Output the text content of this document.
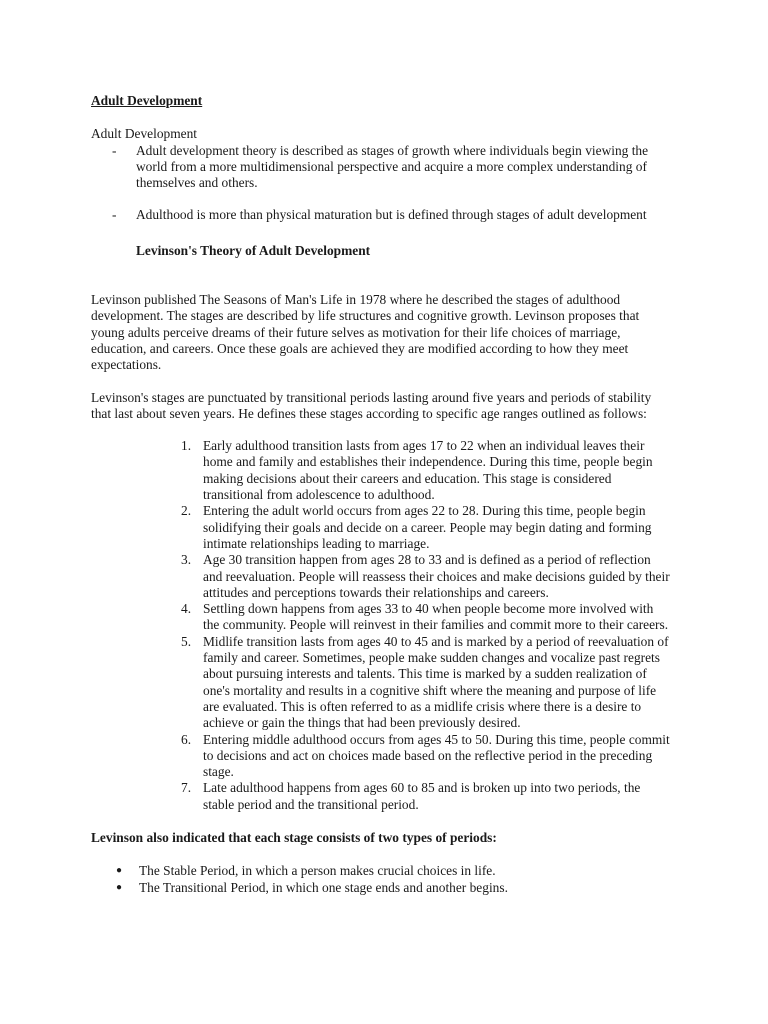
Adult Development

Adult Development

- Adult development theory is described as stages of growth where individuals begin viewing the world from a more multidimensional perspective and acquire a more complex understanding of themselves and others.
- Adulthood is more than physical maturation but is defined through stages of adult development

Levinson's Theory of Adult Development

Levinson published The Seasons of Man's Life in 1978 where he described the stages of adulthood development. The stages are described by life structures and cognitive growth. Levinson proposes that young adults perceive dreams of their future selves as motivation for their life choices of marriage, education, and careers. Once these goals are achieved they are modified according to how they meet expectations.

Levinson's stages are punctuated by transitional periods lasting around five years and periods of stability that last about seven years. He defines these stages according to specific age ranges outlined as follows:

1. Early adulthood transition lasts from ages 17 to 22 when an individual leaves their home and family and establishes their independence. During this time, people begin making decisions about their careers and education. This stage is considered transitional from adolescence to adulthood.
2. Entering the adult world occurs from ages 22 to 28. During this time, people begin solidifying their goals and decide on a career. People may begin dating and forming intimate relationships leading to marriage.
3. Age 30 transition happen from ages 28 to 33 and is defined as a period of reflection and reevaluation. People will reassess their choices and make decisions guided by their attitudes and perceptions towards their relationships and careers.
4. Settling down happens from ages 33 to 40 when people become more involved with the community. People will reinvest in their families and commit more to their careers.
5. Midlife transition lasts from ages 40 to 45 and is marked by a period of reevaluation of family and career. Sometimes, people make sudden changes and vocalize past regrets about pursuing interests and talents. This time is marked by a sudden realization of one's mortality and results in a cognitive shift where the meaning and purpose of life are evaluated. This is often referred to as a midlife crisis where there is a desire to achieve or gain the things that had been previously desired.
6. Entering middle adulthood occurs from ages 45 to 50. During this time, people commit to decisions and act on choices made based on the reflective period in the preceding stage.
7. Late adulthood happens from ages 60 to 85 and is broken up into two periods, the stable period and the transitional period.

Levinson also indicated that each stage consists of two types of periods:

● The Stable Period, in which a person makes crucial choices in life.
● The Transitional Period, in which one stage ends and another begins.
